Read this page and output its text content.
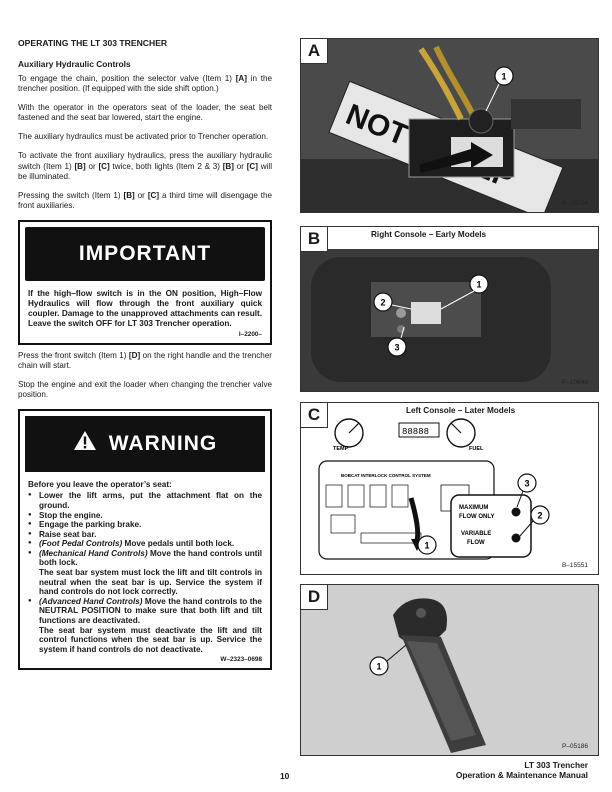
OPERATING THE LT 303 TRENCHER
Auxiliary Hydraulic Controls

To engage the chain, position the selector valve (Item 1) [A] in the trencher position. (If equipped with the side shift option.)

With the operator in the operators seat of the loader, the seat belt fastened and the seat bar lowered, start the engine.

The auxiliary hydraulics must be activated prior to Trencher operation.

To activate the front auxiliary hydraulics, press the auxiliary hydraulic switch (Item 1) [B] or [C] twice, both lights (Item 2 & 3) [B] or [C] will be illuminated.

Pressing the switch (Item 1) [B] or [C] a third time will disengage the front auxiliaries.

IMPORTANT
If the high–flow switch is in the ON position, High–Flow Hydraulics will flow through the front auxiliary quick coupler. Damage to the unapproved attachments can result. Leave the switch OFF for LT 303 Trencher operation.
I–2200–

Press the front switch (Item 1) [D] on the right handle and the trencher chain will start.

Stop the engine and exit the loader when changing the trencher valve position.

WARNING
Before you leave the operator’s seat:
● Lower the lift arms, put the attachment flat on the ground.
● Stop the engine.
● Engage the parking brake.
● Raise seat bar.
● (Foot Pedal Controls) Move pedals until both lock.
● (Mechanical Hand Controls) Move the hand controls until both lock.
The seat bar system must lock the lift and tilt controls in neutral when the seat bar is up. Service the system if hand controls do not lock correctly.
● (Advanced Hand Controls) Move the hand controls to the NEUTRAL POSITION to make sure that both lift and tilt functions are deactivated.
The seat bar system must deactivate the lift and tilt control functions when the seat bar is up. Service the system if hand controls do not deactivate.
W–2323–0698
A
NOT
1
P–15724
B
1
2
3
Right Console – Early Models
P–10648
C
TEMP
88888
FUEL
BOBCAT INTERLOCK CONTROL SYSTEM
MAXIMUM
FLOW ONLY
VARIABLE
FLOW
3
2
1
Left Console – Later Models
B–15551
D
1
P–05186
10
LT 303 Trencher
Operation & Maintenance Manual
